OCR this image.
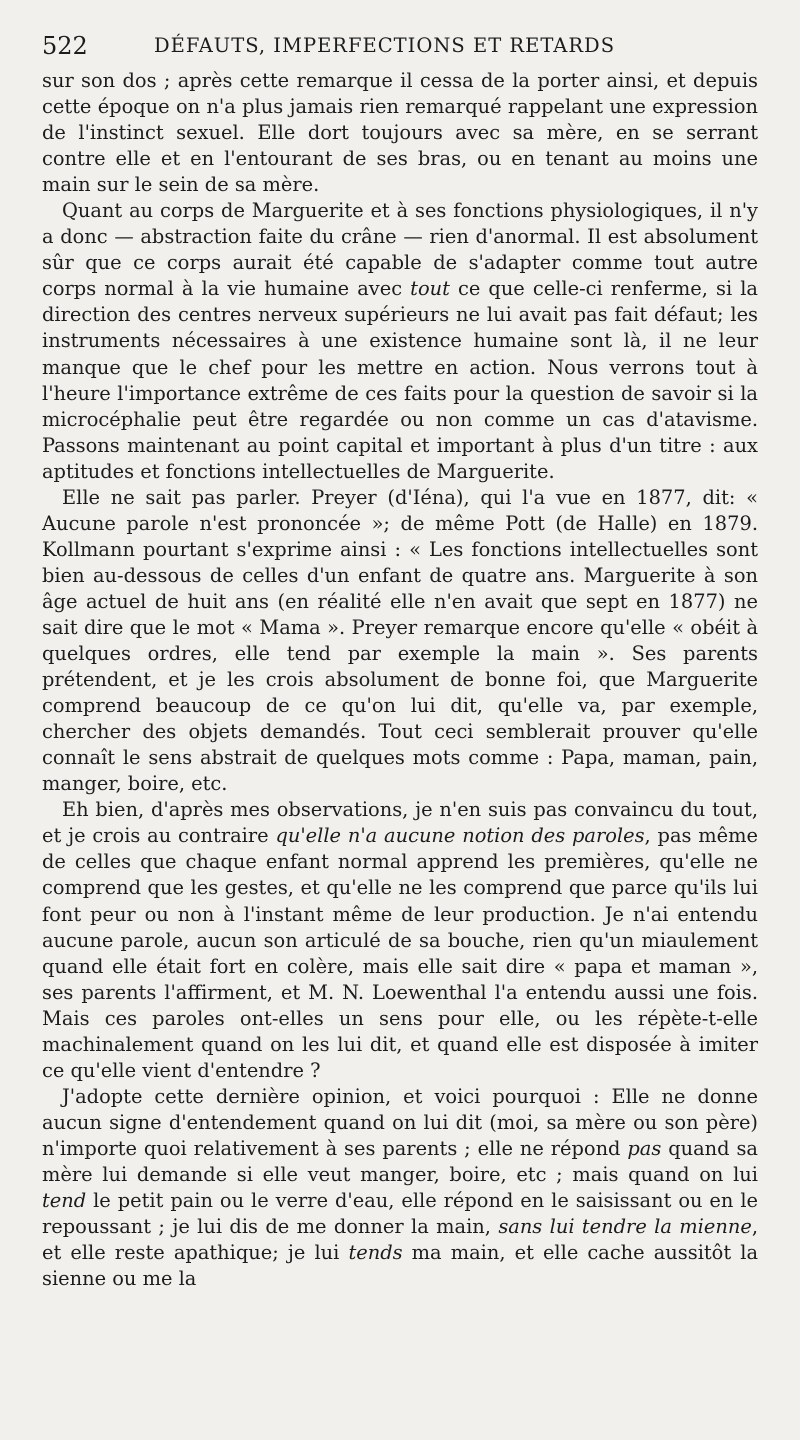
522	DÉFAUTS, IMPERFECTIONS ET RETARDS

sur son dos ; après cette remarque il cessa de la porter ainsi, et depuis cette époque on n'a plus jamais rien remarqué rappelant une expression de l'instinct sexuel. Elle dort toujours avec sa mère, en se serrant contre elle et en l'entourant de ses bras, ou en tenant au moins une main sur le sein de sa mère.

Quant au corps de Marguerite et à ses fonctions physiologiques, il n'y a donc — abstraction faite du crâne — rien d'anormal. Il est absolument sûr que ce corps aurait été capable de s'adapter comme tout autre corps normal à la vie humaine avec tout ce que celle-ci renferme, si la direction des centres nerveux supérieurs ne lui avait pas fait défaut; les instruments nécessaires à une existence humaine sont là, il ne leur manque que le chef pour les mettre en action. Nous verrons tout à l'heure l'importance extrême de ces faits pour la question de savoir si la microcéphalie peut être regardée ou non comme un cas d'atavisme. Passons maintenant au point capital et important à plus d'un titre : aux aptitudes et fonctions intellectuelles de Marguerite.

Elle ne sait pas parler. Preyer (d'Iéna), qui l'a vue en 1877, dit: « Aucune parole n'est prononcée »; de même Pott (de Halle) en 1879. Kollmann pourtant s'exprime ainsi : « Les fonctions intellectuelles sont bien au-dessous de celles d'un enfant de quatre ans. Marguerite à son âge actuel de huit ans (en réalité elle n'en avait que sept en 1877) ne sait dire que le mot « Mama ». Preyer remarque encore qu'elle « obéit à quelques ordres, elle tend par exemple la main ». Ses parents prétendent, et je les crois absolument de bonne foi, que Marguerite comprend beaucoup de ce qu'on lui dit, qu'elle va, par exemple, chercher des objets demandés. Tout ceci semblerait prouver qu'elle connaît le sens abstrait de quelques mots comme : Papa, maman, pain, manger, boire, etc.

Eh bien, d'après mes observations, je n'en suis pas convaincu du tout, et je crois au contraire qu'elle n'a aucune notion des paroles, pas même de celles que chaque enfant normal apprend les premières, qu'elle ne comprend que les gestes, et qu'elle ne les comprend que parce qu'ils lui font peur ou non à l'instant même de leur production. Je n'ai entendu aucune parole, aucun son articulé de sa bouche, rien qu'un miaulement quand elle était fort en colère, mais elle sait dire « papa et maman », ses parents l'affirment, et M. N. Loewenthal l'a entendu aussi une fois. Mais ces paroles ont-elles un sens pour elle, ou les répète-t-elle machinalement quand on les lui dit, et quand elle est disposée à imiter ce qu'elle vient d'entendre ?

J'adopte cette dernière opinion, et voici pourquoi : Elle ne donne aucun signe d'entendement quand on lui dit (moi, sa mère ou son père) n'importe quoi relativement à ses parents ; elle ne répond pas quand sa mère lui demande si elle veut manger, boire, etc ; mais quand on lui tend le petit pain ou le verre d'eau, elle répond en le saisissant ou en le repoussant ; je lui dis de me donner la main, sans lui tendre la mienne, et elle reste apathique; je lui tends ma main, et elle cache aussitôt la sienne ou me la
